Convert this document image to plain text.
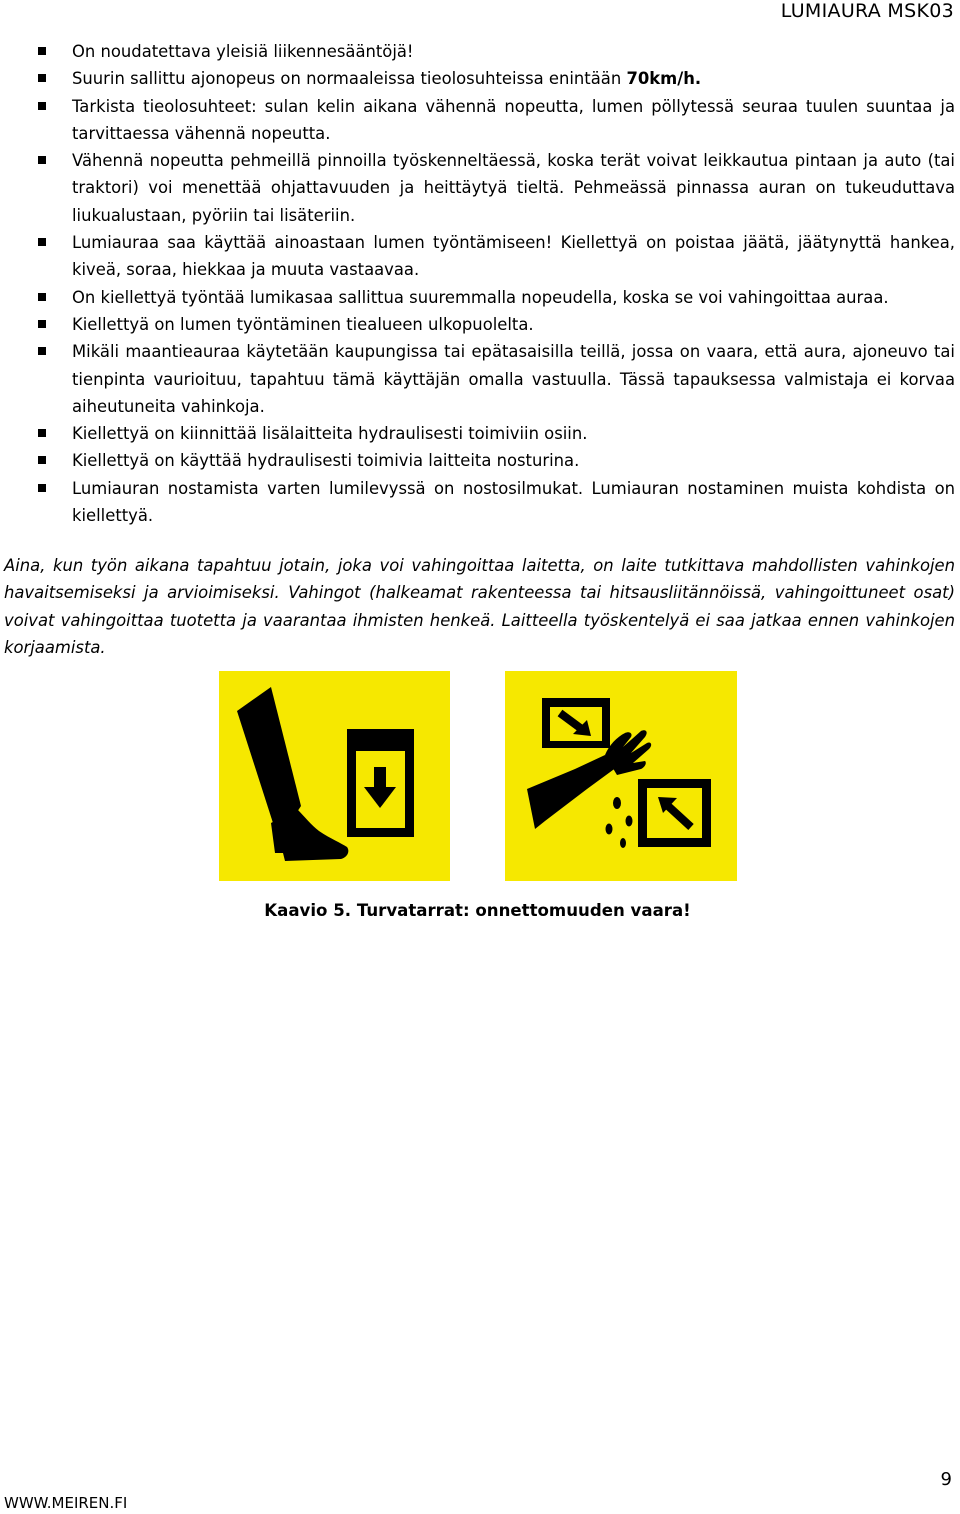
LUMIAURA MSK03
On noudatettava yleisiä liikennesääntöjä!
Suurin sallittu ajonopeus on normaaleissa tieolosuhteissa enintään 70km/h.
Tarkista tieolosuhteet: sulan kelin aikana vähennä nopeutta, lumen pöllytessä seuraa tuulen suuntaa ja tarvittaessa vähennä nopeutta.
Vähennä nopeutta pehmeillä pinnoilla työskenneltäessä, koska terät voivat leikkautua pintaan ja auto (tai traktori) voi menettää ohjattavuuden ja heittäytyä tieltä. Pehmeässä pinnassa auran on tukeuduttava liukualustaan, pyöriin tai lisäteriin.
Lumiauraa saa käyttää ainoastaan lumen työntämiseen! Kiellettyä on poistaa jäätä, jäätynyttä hankea, kiveä, soraa, hiekkaa ja muuta vastaavaa.
On kiellettyä työntää lumikasaa sallittua suuremmalla nopeudella, koska se voi vahingoittaa auraa.
Kiellettyä on lumen työntäminen tiealueen ulkopuolelta.
Mikäli maantieauraa käytetään kaupungissa tai epätasaisilla teillä, jossa on vaara, että aura, ajoneuvo tai tienpinta vaurioituu, tapahtuu tämä käyttäjän omalla vastuulla. Tässä tapauksessa valmistaja ei korvaa aiheutuneita vahinkoja.
Kiellettyä on kiinnittää lisälaitteita hydraulisesti toimiviin osiin.
Kiellettyä on käyttää hydraulisesti toimivia laitteita nosturina.
Lumiauran nostamista varten lumilevyssä on nostosilmukat. Lumiauran nostaminen muista kohdista on kiellettyä.

Aina, kun työn aikana tapahtuu jotain, joka voi vahingoittaa laitetta, on laite tutkittava mahdollisten vahinkojen havaitsemiseksi ja arvioimiseksi. Vahingot (halkeamat rakenteessa tai hitsausliitännöissä, vahingoittuneet osat) voivat vahingoittaa tuotetta ja vaarantaa ihmisten henkeä. Laitteella työskentelyä ei saa jatkaa ennen vahinkojen korjaamista.

Kaavio 5. Turvatarrat: onnettomuuden vaara!
9
WWW.MEIREN.FI
